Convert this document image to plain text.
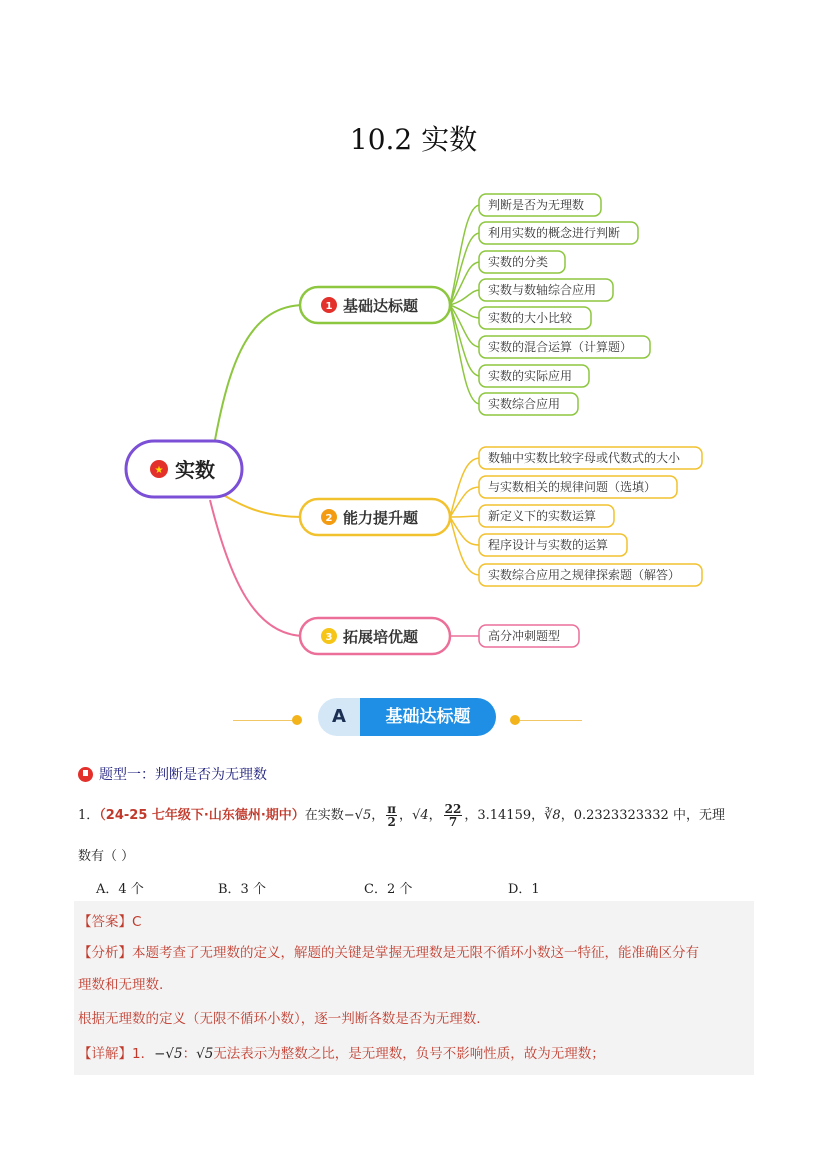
10.2 实数
★ 实数
1 基础达标题
2 能力提升题
3 拓展培优题
判断是否为无理数
利用实数的概念进行判断
实数的分类
实数与数轴综合应用
实数的大小比较
实数的混合运算（计算题）
实数的实际应用
实数综合应用
数轴中实数比较字母或代数式的大小
与实数相关的规律问题（选填）
新定义下的实数运算
程序设计与实数的运算
实数综合应用之规律探索题（解答）
高分冲刺题型
A	基础达标题
题型一：判断是否为无理数
1．（24-25 七年级下·山东德州·期中）在实数−√5， $\frac{\pi}{2}$ ，√4， $\frac{22}{7}$ ，3.14159，∛8，0.2323323332 中，无理
数有（ ）
A．4 个	B．3 个	C．2 个	D．1
【答案】C
【分析】本题考查了无理数的定义，解题的关键是掌握无理数是无限不循环小数这一特征，能准确区分有
理数和无理数.
根据无理数的定义（无限不循环小数），逐一判断各数是否为无理数.
【详解】1．−√5：√5无法表示为整数之比，是无理数，负号不影响性质，故为无理数；
